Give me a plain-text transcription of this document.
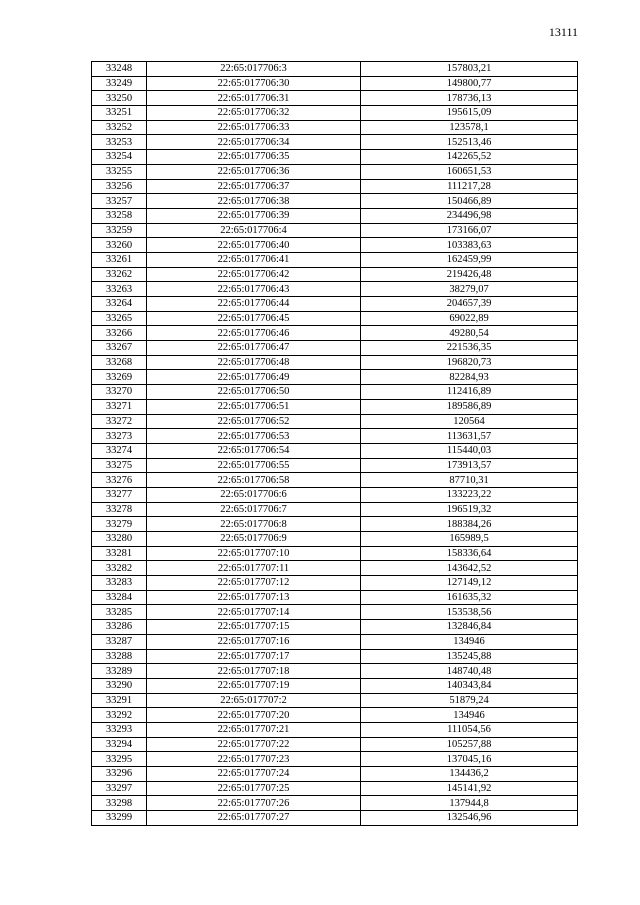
13111
33248	22:65:017706:3	157803,21
33249	22:65:017706:30	149800,77
33250	22:65:017706:31	178736,13
33251	22:65:017706:32	195615,09
33252	22:65:017706:33	123578,1
33253	22:65:017706:34	152513,46
33254	22:65:017706:35	142265,52
33255	22:65:017706:36	160651,53
33256	22:65:017706:37	111217,28
33257	22:65:017706:38	150466,89
33258	22:65:017706:39	234496,98
33259	22:65:017706:4	173166,07
33260	22:65:017706:40	103383,63
33261	22:65:017706:41	162459,99
33262	22:65:017706:42	219426,48
33263	22:65:017706:43	38279,07
33264	22:65:017706:44	204657,39
33265	22:65:017706:45	69022,89
33266	22:65:017706:46	49280,54
33267	22:65:017706:47	221536,35
33268	22:65:017706:48	196820,73
33269	22:65:017706:49	82284,93
33270	22:65:017706:50	112416,89
33271	22:65:017706:51	189586,89
33272	22:65:017706:52	120564
33273	22:65:017706:53	113631,57
33274	22:65:017706:54	115440,03
33275	22:65:017706:55	173913,57
33276	22:65:017706:58	87710,31
33277	22:65:017706:6	133223,22
33278	22:65:017706:7	196519,32
33279	22:65:017706:8	188384,26
33280	22:65:017706:9	165989,5
33281	22:65:017707:10	158336,64
33282	22:65:017707:11	143642,52
33283	22:65:017707:12	127149,12
33284	22:65:017707:13	161635,32
33285	22:65:017707:14	153538,56
33286	22:65:017707:15	132846,84
33287	22:65:017707:16	134946
33288	22:65:017707:17	135245,88
33289	22:65:017707:18	148740,48
33290	22:65:017707:19	140343,84
33291	22:65:017707:2	51879,24
33292	22:65:017707:20	134946
33293	22:65:017707:21	111054,56
33294	22:65:017707:22	105257,88
33295	22:65:017707:23	137045,16
33296	22:65:017707:24	134436,2
33297	22:65:017707:25	145141,92
33298	22:65:017707:26	137944,8
33299	22:65:017707:27	132546,96
